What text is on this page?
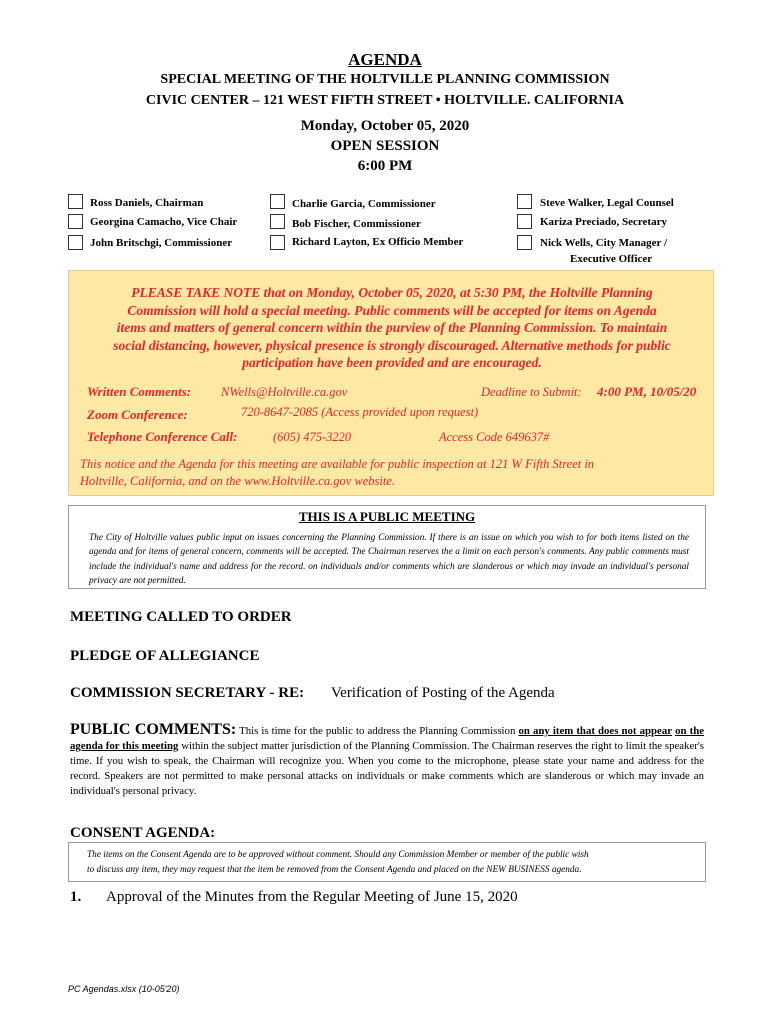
AGENDA
SPECIAL MEETING OF THE HOLTVILLE PLANNING COMMISSION
CIVIC CENTER – 121 WEST FIFTH STREET • HOLTVILLE. CALIFORNIA
Monday, October 05, 2020
OPEN SESSION
6:00 PM
Ross Daniels, Chairman
Georgina Camacho, Vice Chair
John Britschgi, Commissioner
Charlie Garcia, Commissioner
Bob Fischer, Commissioner
Richard Layton, Ex Officio Member
Steve Walker, Legal Counsel
Kariza Preciado, Secretary
Nick Wells, City Manager /
Executive Officer
PLEASE TAKE NOTE that on Monday, October 05, 2020, at 5:30 PM, the Holtville Planning
Commission will hold a special meeting. Public comments will be accepted for items on Agenda
items and matters of general concern within the purview of the Planning Commission. To maintain
social distancing, however, physical presence is strongly discouraged. Alternative methods for public
participation have been provided and are encouraged.
Written Comments: NWells@Holtville.ca.gov	Deadline to Submit: 4:00 PM, 10/05/20
Zoom Conference:	720-8647-2085 (Access provided upon request)
Telephone Conference Call:	(605) 475-3220	Access Code 649637#
This notice and the Agenda for this meeting are available for public inspection at 121 W Fifth Street in
Holtville, California, and on the www.Holtville.ca.gov website.
THIS IS A PUBLIC MEETING
The City of Holtville values public input on issues concerning the Planning Commission. If there is an issue on which you wish to for both items listed on the agenda and for items of general concern, comments will be accepted. The Chairman reserves the a limit on each person's comments. Any public comments must include the individual's name and address for the record. on individuals and/or comments which are slanderous or which may invade an individual's personal privacy are not permitted.
MEETING CALLED TO ORDER
PLEDGE OF ALLEGIANCE
COMMISSION SECRETARY - RE: Verification of Posting of the Agenda
PUBLIC COMMENTS: This is time for the public to address the Planning Commission on any item that does not appear on the agenda for this meeting within the subject matter jurisdiction of the Planning Commission. The Chairman reserves the right to limit the speaker's time. If you wish to speak, the Chairman will recognize you. When you come to the microphone, please state your name and address for the record. Speakers are not permitted to make personal attacks on individuals or make comments which are slanderous or which may invade an individual's personal privacy.
CONSENT AGENDA:
The items on the Consent Agenda are to be approved without comment. Should any Commission Member or member of the public wish
to discuss any item, they may request that the item be removed from the Consent Agenda and placed on the NEW BUSINESS agenda.
1. Approval of the Minutes from the Regular Meeting of June 15, 2020
PC Agendas.xlsx (10-05'20)
